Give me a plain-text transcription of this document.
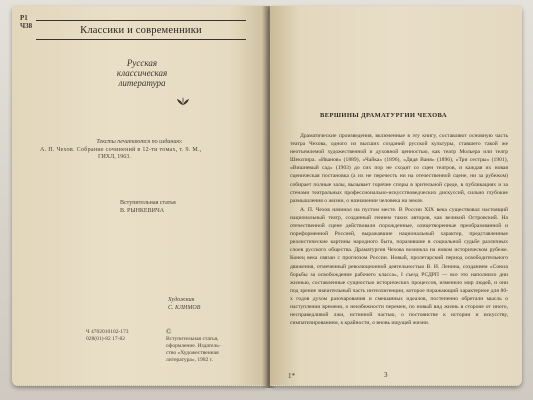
Р1
Ч38	Классики и современники
Русская
классическая
литература
Тексты печатаются по изданию:
А. П. Чехов. Собрание сочинений в 12-ти томах, т. 9. М.,
ГИХЛ, 1963.
Вступительная статья
В. РЫНКЕВИЧА
Художник
С. КЛИМОВ
Ч 4702010102-173
028(01)-82 17-82
©
Вступительная статья,
оформление. Издатель-
ство «Художественная
литература», 1982 г.
ВЕРШИНЫ ДРАМАТУРГИИ ЧЕХОВА

Драматические произведения, включенные в эту книгу, составляют основную часть театра Чехова, одного из высших созданий русской культуры, ставшего такой же неотъемлемой художественной и духовной ценностью, как театр Мольера или театр Шекспира. «Иванов» (1889), «Чайка» (1896), «Дядя Ваня» (1896), «Три сестры» (1901), «Вишневый сад» (1903) до сих пор не сходят со сцен театров, и каждая их новая сценическая постановка (а их не перечесть ни на отечественной сцене, ни за рубежом) собирает полные залы, вызывает горячие споры в зрительной среде, в публикациях и за стенами театральных профессионально-искусствоведческих дискуссий, сильно глубокие размышления о жизни, о назначении человека на земле.

А. П. Чехов начинал на пустом месте. В России XIX века существовал настоящий национальный театр, созданный гением таких авторов, как великий Островский. На отечественной сцене действовали порожденные, олицетворенные преобразованной и пореформенной Россией, выражавшие национальный характер, представленные реалистические картины народного быта, поразившие в социальной судьбе различных слоев русского общества. Драматургия Чехова возникла на новом историческом рубеже. Конец века связан с прогнозом России. Новый, пролетарский период освободительного движения, отмеченный революционной деятельностью В. И. Ленина, созданием «Союза борьбы за освобождение рабочего класса», I съезд РСДРП — все это наполнило дни жизнью, составленные сущностью исторических процессов, изменило мир людей, и они под зрение значительный часть интеллигенции, которое поражающий характерное для 80-х годов духом разочарования и смешанных идеалов, постепенно обретали мысль о наступлении времени, о неизбежности перемен, по новый вид жизнь в стороне от иного, несправедливой лжи, истинной частью, о постоянстве к истории и искусству, симпатизированием, к крайности, о вновь ищущей жизни.

1*	3
